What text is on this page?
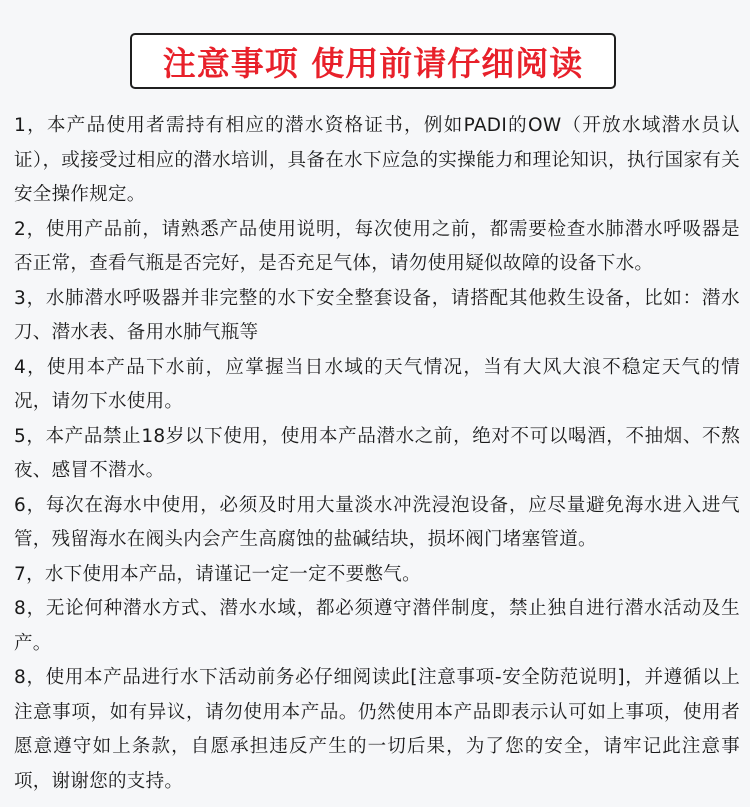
注意事项 使用前请仔细阅读

1，本产品使用者需持有相应的潜水资格证书，例如PADI的OW（开放水域潜水员认证），或接受过相应的潜水培训，具备在水下应急的实操能力和理论知识，执行国家有关安全操作规定。

2，使用产品前，请熟悉产品使用说明，每次使用之前，都需要检查水肺潜水呼吸器是否正常，查看气瓶是否完好，是否充足气体，请勿使用疑似故障的设备下水。

3，水肺潜水呼吸器并非完整的水下安全整套设备，请搭配其他救生设备，比如：潜水刀、潜水表、备用水肺气瓶等

4，使用本产品下水前，应掌握当日水域的天气情况，当有大风大浪不稳定天气的情况，请勿下水使用。

5，本产品禁止18岁以下使用，使用本产品潜水之前，绝对不可以喝酒，不抽烟、不熬夜、感冒不潜水。

6，每次在海水中使用，必须及时用大量淡水冲洗浸泡设备，应尽量避免海水进入进气管，残留海水在阀头内会产生高腐蚀的盐碱结块，损坏阀门堵塞管道。

7，水下使用本产品，请谨记一定一定不要憋气。

8，无论何种潜水方式、潜水水域，都必须遵守潜伴制度，禁止独自进行潜水活动及生产。

8，使用本产品进行水下活动前务必仔细阅读此[注意事项-安全防范说明]，并遵循以上注意事项，如有异议，请勿使用本产品。仍然使用本产品即表示认可如上事项，使用者愿意遵守如上条款，自愿承担违反产生的一切后果，为了您的安全，请牢记此注意事项，谢谢您的支持。
